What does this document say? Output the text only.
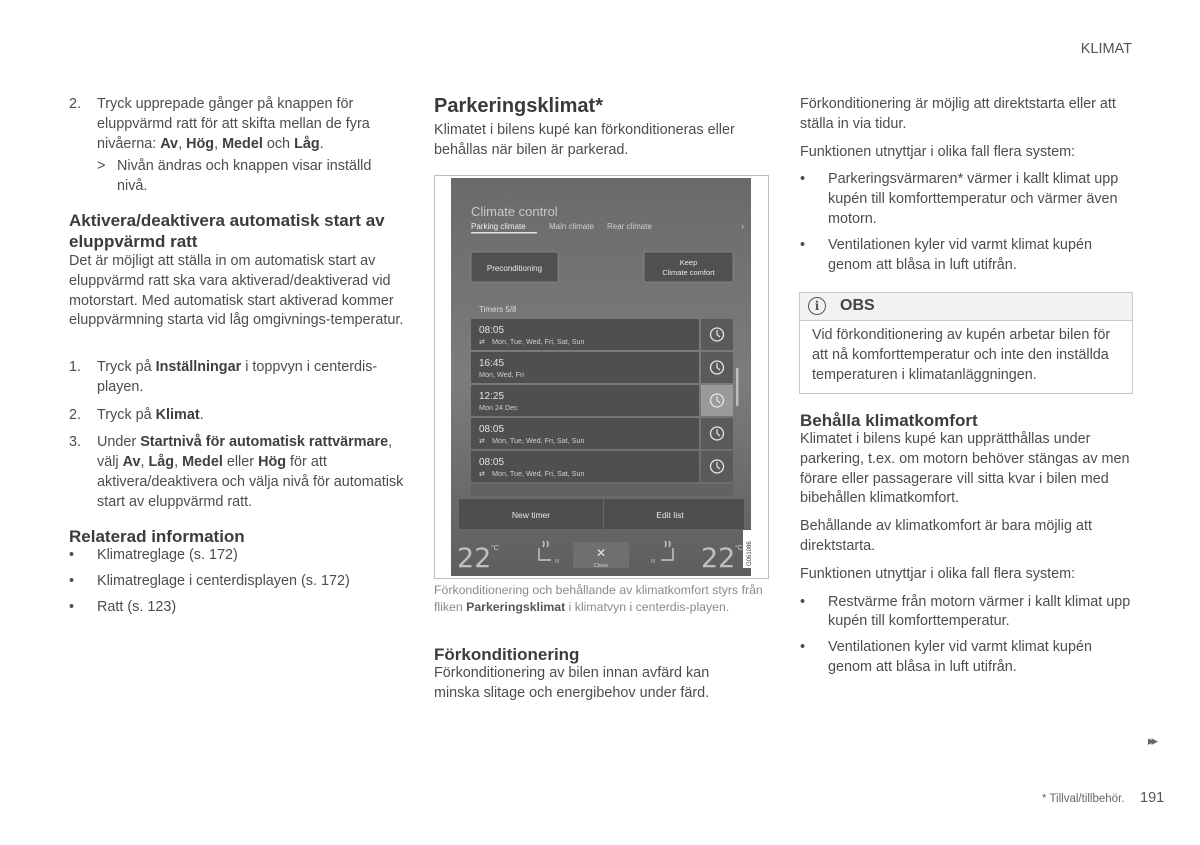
KLIMAT
2. Tryck upprepade gånger på knappen för eluppvärmd ratt för att skifta mellan de fyra nivåerna: Av, Hög, Medel och Låg.
> Nivån ändras och knappen visar inställd nivå.
Aktivera/deaktivera automatisk start av eluppvärmd ratt
Det är möjligt att ställa in om automatisk start av eluppvärmd ratt ska vara aktiverad/deaktiverad vid motorstart. Med automatisk start aktiverad kommer eluppvärmning starta vid låg omgivnings-temperatur.
1. Tryck på Inställningar i toppvyn i centerdis-playen.
2. Tryck på Klimat.
3. Under Startnivå för automatisk rattvärmare, välj Av, Låg, Medel eller Hög för att aktivera/deaktivera och välja nivå för automatisk start av eluppvärmd ratt.
Relaterad information
• Klimatreglage (s. 172)
• Klimatreglage i centerdisplayen (s. 172)
• Ratt (s. 123)
Parkeringsklimat*
Klimatet i bilens kupé kan förkonditioneras eller behållas när bilen är parkerad.
Climate control
Parking climate	Main climate Rear climate	›
Preconditioning
Keep
Climate comfort
Timers 5/8
08:05
⇄ Mon, Tue, Wed, Fri, Sat, Sun
16:45
Mon, Wed, Fri
12:25
Mon 24 Dec
08:05
⇄ Mon, Tue, Wed, Fri, Sat, Sun
08:05
⇄ Mon, Tue, Wed, Fri, Sat, Sun
New timer	Edit list
22 °C
III
✕
Close
III 22 °C G061086
Förkonditionering och behållande av klimatkomfort styrs från fliken Parkeringsklimat i klimatvyn i centerdis-playen.
Förkonditionering
Förkonditionering av bilen innan avfärd kan minska slitage och energibehov under färd.
Förkonditionering är möjlig att direktstarta eller att ställa in via tidur.
Funktionen utnyttjar i olika fall flera system:
• Parkeringsvärmaren* värmer i kallt klimat upp kupén till komforttemperatur och värmer även motorn.
• Ventilationen kyler vid varmt klimat kupén genom att blåsa in luft utifrån.
i	OBS
Vid förkonditionering av kupén arbetar bilen för att nå komforttemperatur och inte den inställda temperaturen i klimatanläggningen.
Behålla klimatkomfort
Klimatet i bilens kupé kan upprätthållas under parkering, t.ex. om motorn behöver stängas av men förare eller passagerare vill sitta kvar i bilen med bibehållen klimatkomfort.
Behållande av klimatkomfort är bara möjlig att direktstarta.
Funktionen utnyttjar i olika fall flera system:
• Restvärme från motorn värmer i kallt klimat upp kupén till komforttemperatur.
• Ventilationen kyler vid varmt klimat kupén genom att blåsa in luft utifrån.
▸▸
* Tillval/tillbehör. 191
